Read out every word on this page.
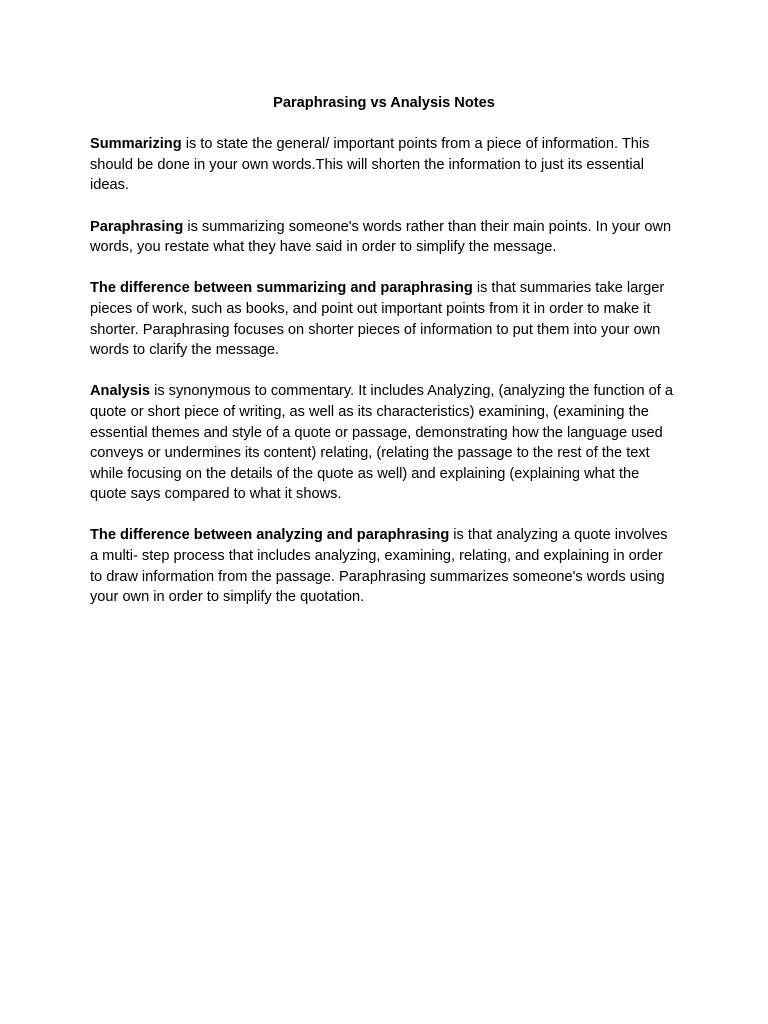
Paraphrasing vs Analysis Notes

Summarizing is to state the general/ important points from a piece of information. This should be done in your own words.This will shorten the information to just its essential ideas.

Paraphrasing is summarizing someone's words rather than their main points. In your own words, you restate what they have said in order to simplify the message.

The difference between summarizing and paraphrasing is that summaries take larger pieces of work, such as books, and point out important points from it in order to make it shorter. Paraphrasing focuses on shorter pieces of information to put them into your own words to clarify the message.

Analysis is synonymous to commentary. It includes Analyzing, (analyzing the function of a quote or short piece of writing, as well as its characteristics) examining, (examining the essential themes and style of a quote or passage, demonstrating how the language used conveys or undermines its content) relating, (relating the passage to the rest of the text while focusing on the details of the quote as well) and explaining (explaining what the quote says compared to what it shows.

The difference between analyzing and paraphrasing is that analyzing a quote involves a multi- step process that includes analyzing, examining, relating, and explaining in order to draw information from the passage. Paraphrasing summarizes someone's words using your own in order to simplify the quotation.
